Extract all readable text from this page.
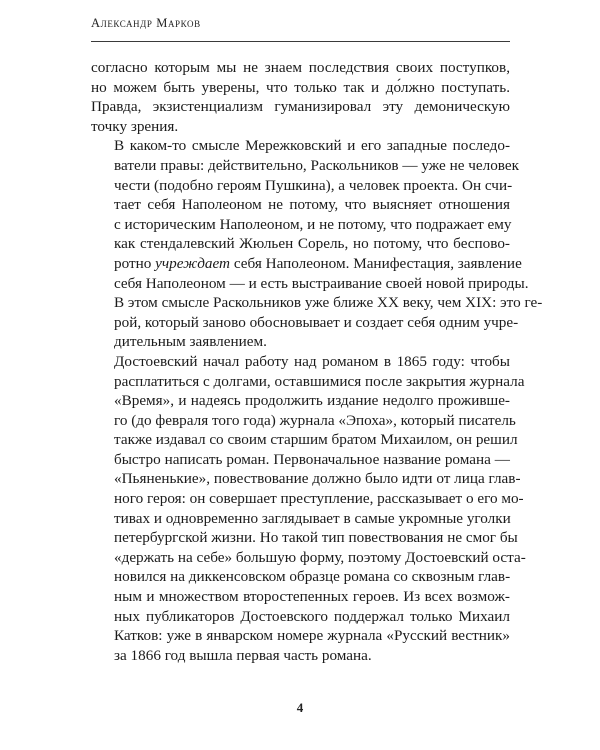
Александр Марков

согласно которым мы не знаем последствия своих поступков,
но можем быть уверены, что только так и до́лжно поступать.
Правда, экзистенциализм гуманизировал эту демоническую
точку зрения.

В каком-то смысле Мережковский и его западные последо-
ватели правы: действительно, Раскольников — уже не человек
чести (подобно героям Пушкина), а человек проекта. Он счи-
тает себя Наполеоном не потому, что выясняет отношения
с историческим Наполеоном, и не потому, что подражает ему
как стендалевский Жюльен Сорель, но потому, что беспово-
ротно учреждает себя Наполеоном. Манифестация, заявление
себя Наполеоном — и есть выстраивание своей новой природы.
В этом смысле Раскольников уже ближе XX веку, чем XIX: это ге-
рой, который заново обосновывает и создает себя одним учре-
дительным заявлением.

Достоевский начал работу над романом в 1865 году: чтобы
расплатиться с долгами, оставшимися после закрытия журнала
«Время», и надеясь продолжить издание недолго проживше-
го (до февраля того года) журнала «Эпоха», который писатель
также издавал со своим старшим братом Михаилом, он решил
быстро написать роман. Первоначальное название романа —
«Пьяненькие», повествование должно было идти от лица глав-
ного героя: он совершает преступление, рассказывает о его мо-
тивах и одновременно заглядывает в самые укромные уголки
петербургской жизни. Но такой тип повествования не смог бы
«держать на себе» большую форму, поэтому Достоевский оста-
новился на диккенсовском образце романа со сквозным глав-
ным и множеством второстепенных героев. Из всех возмож-
ных публикаторов Достоевского поддержал только Михаил
Катков: уже в январском номере журнала «Русский вестник»
за 1866 год вышла первая часть романа.

4
